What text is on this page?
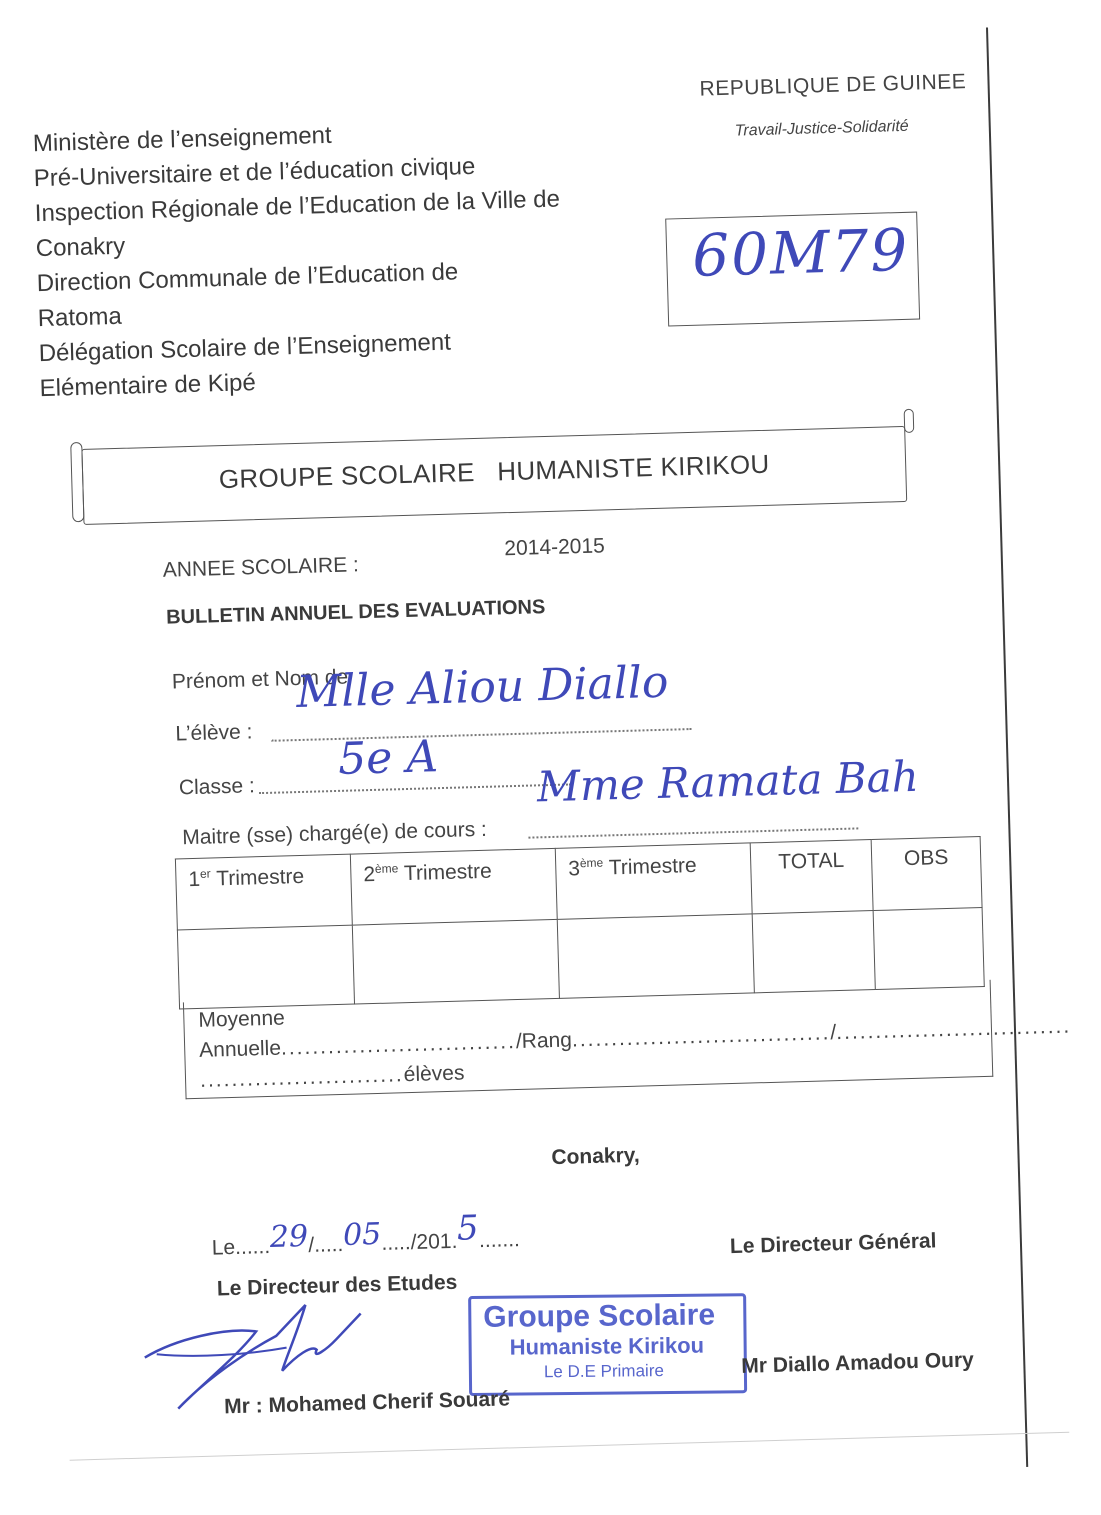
Ministère de l’enseignement
Pré-Universitaire et de l’éducation civique
Inspection Régionale de l’Education de la Ville de
Conakry
Direction Communale de l’Education de
Ratoma
Délégation Scolaire de l’Enseignement
Elémentaire de Kipé
REPUBLIQUE DE GUINEE
Travail-Justice-Solidarité
60M79
GROUPE SCOLAIRE   HUMANISTE KIRIKOU
ANNEE SCOLAIRE :
2014-2015
BULLETIN ANNUEL DES EVALUATIONS
Prénom et Nom de
L’élève :
Mlle Aliou Diallo
Classe :
5e A
Maitre (sse) chargé(e) de cours :
Mme Ramata Bah
1er Trimestre	2ème Trimestre	3ème Trimestre	TOTAL	OBS

Moyenne
Annuelle............................../Rang................................./..............................
..........................élèves
Conakry,
Le......29/.....05...../201.5.......
Le Directeur des Etudes
Le Directeur Général
Groupe Scolaire
Humaniste Kirikou
Le D.E Primaire
Mr : Mohamed Cherif Souaré
Mr Diallo Amadou Oury
